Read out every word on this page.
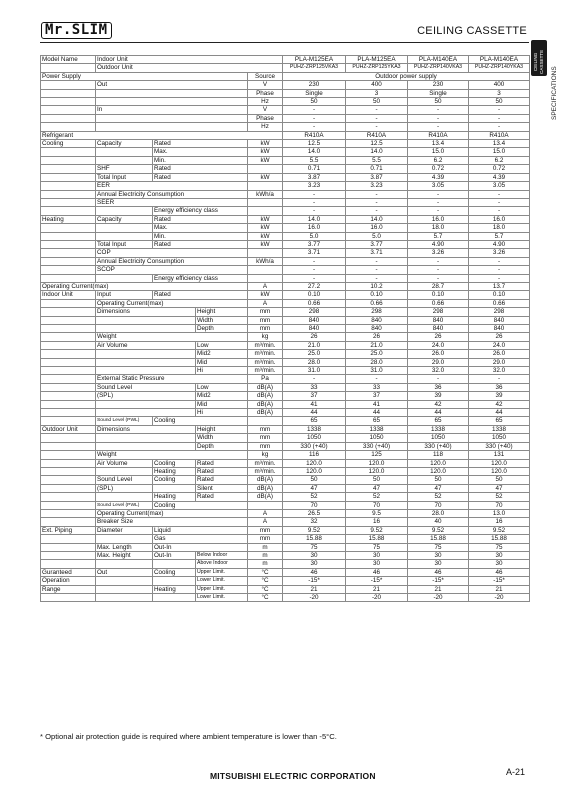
Mr.SLIM	CEILING CASSETTE
CEILING
CASSETTE
SPECIFICATIONS
Model Name	Indoor Unit				PLA-M125EA	PLA-M125EA	PLA-M140EA	PLA-M140EA
	Outdoor Unit				PUHZ-ZRP125VKA3	PUHZ-ZRP125YKA3	PUHZ-ZRP140VKA3	PUHZ-ZRP140YKA3
Power Supply				Source	Outdoor power supply			
	Out			V	230	400	230	400
				Phase	Single	3	Single	3
				Hz	50	50	50	50
	In			V	-	-	-	-
				Phase	-	-	-	-
				Hz	-	-	-	-
Refrigerant					R410A	R410A	R410A	R410A
Cooling	Capacity	Rated		kW	12.5	12.5	13.4	13.4
		Max.		kW	14.0	14.0	15.0	15.0
		Min.		kW	5.5	5.5	6.2	6.2
	SHF	Rated			0.71	0.71	0.72	0.72
	Total Input	Rated		kW	3.87	3.87	4.39	4.39
	EER				3.23	3.23	3.05	3.05
	Annual Electricity Consumption			kWh/a	-	-	-	-
	SEER				-	-	-	-
		Energy efficiency class			-	-	-	-
Heating	Capacity	Rated		kW	14.0	14.0	16.0	16.0
		Max.		kW	16.0	16.0	18.0	18.0
		Min.		kW	5.0	5.0	5.7	5.7
	Total Input	Rated		kW	3.77	3.77	4.90	4.90
	COP				3.71	3.71	3.26	3.26
	Annual Electricity Consumption			kWh/a	-	-	-	-
	SCOP				-	-	-	-
		Energy efficiency class			-	-	-	-
Operating Current(max)				A	27.2	10.2	28.7	13.7
Indoor Unit	Input	Rated		kW	0.10	0.10	0.10	0.10
	Operating Current(max)			A	0.66	0.66	0.66	0.66
	Dimensions		Height	mm	298	298	298	298
			Width	mm	840	840	840	840
			Depth	mm	840	840	840	840
	Weight			kg	26	26	26	26
	Air Volume		Low	m³/min.	21.0	21.0	24.0	24.0
			Mid2	m³/min.	25.0	25.0	26.0	26.0
			Mid	m³/min.	28.0	28.0	29.0	29.0
			Hi	m³/min.	31.0	31.0	32.0	32.0
	External Static Pressure			Pa	-	-	-	-
	Sound Level		Low	dB(A)	33	33	36	36
	(SPL)		Mid2	dB(A)	37	37	39	39
			Mid	dB(A)	41	41	42	42
			Hi	dB(A)	44	44	44	44
	Sound Level (PWL)	Cooling			65	65	65	65
Outdoor Unit	Dimensions		Height	mm	1338	1338	1338	1338
			Width	mm	1050	1050	1050	1050
			Depth	mm	330 (+40)	330 (+40)	330 (+40)	330 (+40)
	Weight			kg	116	125	118	131
	Air Volume	Cooling	Rated	m³/min.	120.0	120.0	120.0	120.0
		Heating	Rated	m³/min.	120.0	120.0	120.0	120.0
	Sound Level	Cooling	Rated	dB(A)	50	50	50	50
	(SPL)		Silent	dB(A)	47	47	47	47
		Heating	Rated	dB(A)	52	52	52	52
	Sound Level (PWL)	Cooling			70	70	70	70
	Operating Current(max)			A	26.5	9.5	28.0	13.0
	Breaker Size			A	32	16	40	16
Ext. Piping	Diameter	Liquid		mm	9.52	9.52	9.52	9.52
		Gas		mm	15.88	15.88	15.88	15.88
	Max. Length	Out-In		m	75	75	75	75
	Max. Height	Out-In	Below Indoor	m	30	30	30	30
			Above Indoor	m	30	30	30	30
Guranteed	Out	Cooling	Upper Limit.	°C	46	46	46	46
Operation			Lower Limit.	°C	-15*	-15*	-15*	-15*
Range		Heating	Upper Limit.	°C	21	21	21	21
			Lower Limit.	°C	-20	-20	-20	-20
* Optional air protection guide is required where ambient temperature is lower than -5°C.
MITSUBISHI ELECTRIC CORPORATION	A-21
